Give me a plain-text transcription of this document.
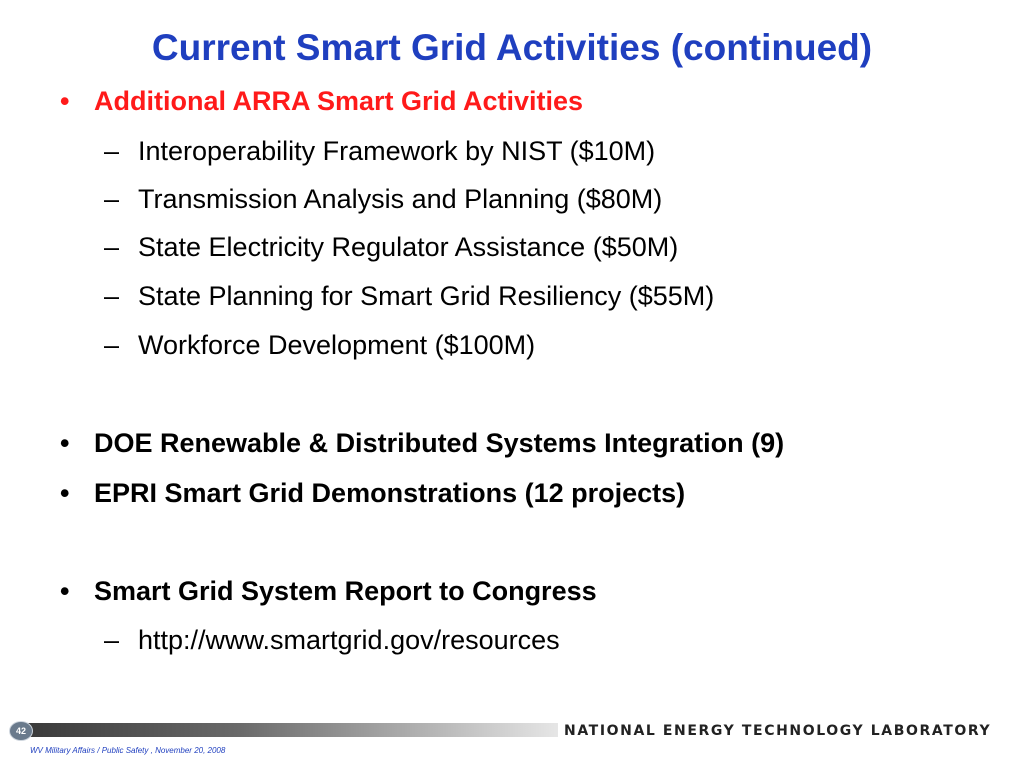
Current Smart Grid Activities (continued)
• Additional ARRA Smart Grid Activities
– Interoperability Framework by NIST ($10M)
– Transmission Analysis and Planning ($80M)
– State Electricity Regulator Assistance ($50M)
– State Planning for Smart Grid Resiliency ($55M)
– Workforce Development ($100M)
• DOE Renewable & Distributed Systems Integration (9)
• EPRI Smart Grid Demonstrations (12 projects)
• Smart Grid System Report to Congress
– http://www.smartgrid.gov/resources
42	NATIONAL ENERGY TECHNOLOGY LABORATORY
WV Military Affairs / Public Safety , November 20, 2008
